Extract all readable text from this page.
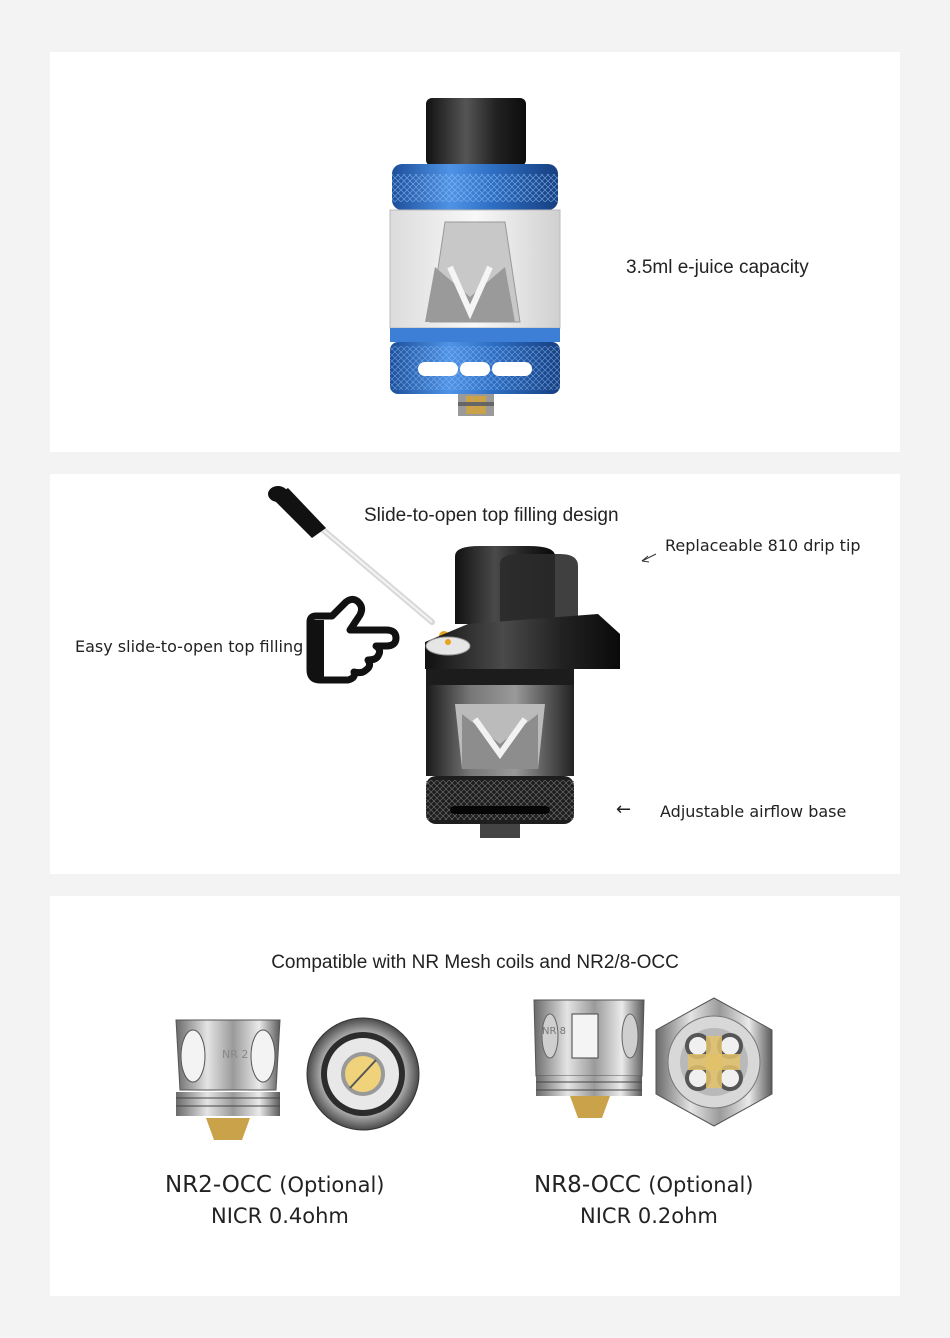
3.5ml e-juice capacity
Slide-to-open top filling design
Replaceable 810 drip tip
Easy slide-to-open top filling
← Adjustable airflow base
Compatible with NR Mesh coils and NR2/8-OCC
NR 2
NR 8
NR2-OCC (Optional)
NICR 0.4ohm
NR8-OCC (Optional)
NICR 0.2ohm
